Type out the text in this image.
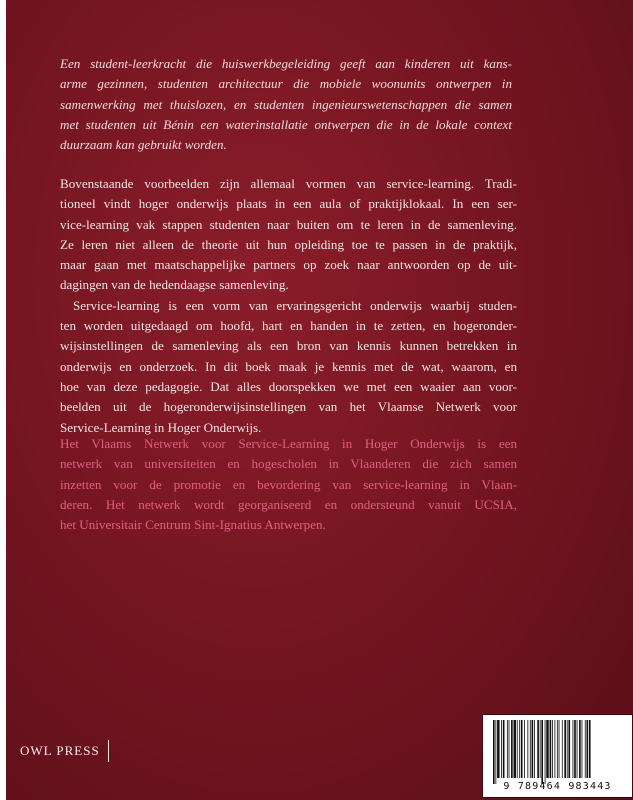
Een student-leerkracht die huiswerkbegeleiding geeft aan kinderen uit kans-
arme gezinnen, studenten architectuur die mobiele woonunits ontwerpen in
samenwerking met thuislozen, en studenten ingenieurswetenschappen die samen
met studenten uit Bénin een waterinstallatie ontwerpen die in de lokale context
duurzaam kan gebruikt worden.
Bovenstaande voorbeelden zijn allemaal vormen van service-learning. Tradi-
tioneel vindt hoger onderwijs plaats in een aula of praktijklokaal. In een ser-
vice-learning vak stappen studenten naar buiten om te leren in de samenleving.
Ze leren niet alleen de theorie uit hun opleiding toe te passen in de praktijk,
maar gaan met maatschappelijke partners op zoek naar antwoorden op de uit-
dagingen van de hedendaagse samenleving.
Service-learning is een vorm van ervaringsgericht onderwijs waarbij studen-
ten worden uitgedaagd om hoofd, hart en handen in te zetten, en hogeronder-
wijsinstellingen de samenleving als een bron van kennis kunnen betrekken in
onderwijs en onderzoek. In dit boek maak je kennis met de wat, waarom, en
hoe van deze pedagogie. Dat alles doorspekken we met een waaier aan voor-
beelden uit de hogeronderwijsinstellingen van het Vlaamse Netwerk voor
Service-Learning in Hoger Onderwijs.
Het Vlaams Netwerk voor Service-Learning in Hoger Onderwijs is een
netwerk van universiteiten en hogescholen in Vlaanderen die zich samen
inzetten voor de promotie en bevordering van service-learning in Vlaan-
deren. Het netwerk wordt georganiseerd en ondersteund vanuit UCSIA,
het Universitair Centrum Sint-Ignatius Antwerpen.
OWL PRESS
9 789464 983443
